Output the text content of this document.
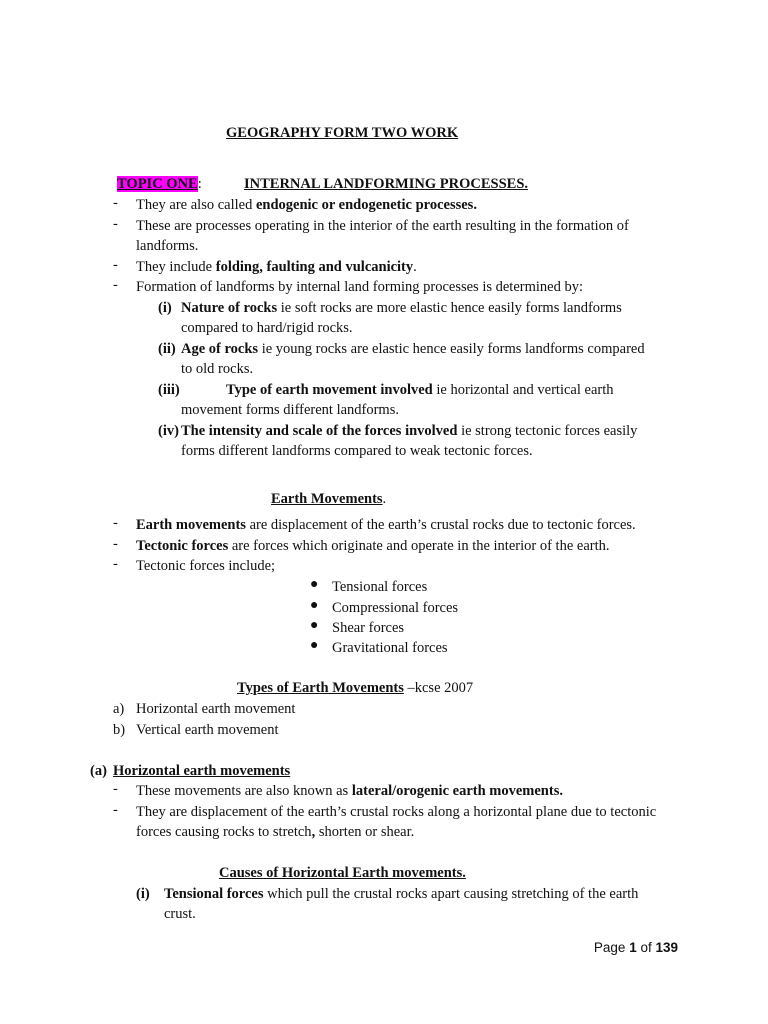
GEOGRAPHY FORM TWO WORK
TOPIC ONE:	INTERNAL LANDFORMING PROCESSES.
- They are also called endogenic or endogenetic processes.
- These are processes operating in the interior of the earth resulting in the formation of
landforms.
- They include folding, faulting and vulcanicity.
- Formation of landforms by internal land forming processes is determined by:
(i) Nature of rocks ie soft rocks are more elastic hence easily forms landforms
compared to hard/rigid rocks.
(ii) Age of rocks ie young rocks are elastic hence easily forms landforms compared
to old rocks.
(iii)	Type of earth movement involved ie horizontal and vertical earth
movement forms different landforms.
(iv) The intensity and scale of the forces involved ie strong tectonic forces easily
forms different landforms compared to weak tectonic forces.
Earth Movements.
- Earth movements are displacement of the earth’s crustal rocks due to tectonic forces.
- Tectonic forces are forces which originate and operate in the interior of the earth.
- Tectonic forces include;
● Tensional forces
● Compressional forces
● Shear forces
● Gravitational forces
Types of Earth Movements –kcse 2007
a) Horizontal earth movement
b) Vertical earth movement
(a) Horizontal earth movements
- These movements are also known as lateral/orogenic earth movements.
- They are displacement of the earth’s crustal rocks along a horizontal plane due to tectonic
forces causing rocks to stretch, shorten or shear.
Causes of Horizontal Earth movements.
(i) Tensional forces which pull the crustal rocks apart causing stretching of the earth
crust.
Page 1 of 139
